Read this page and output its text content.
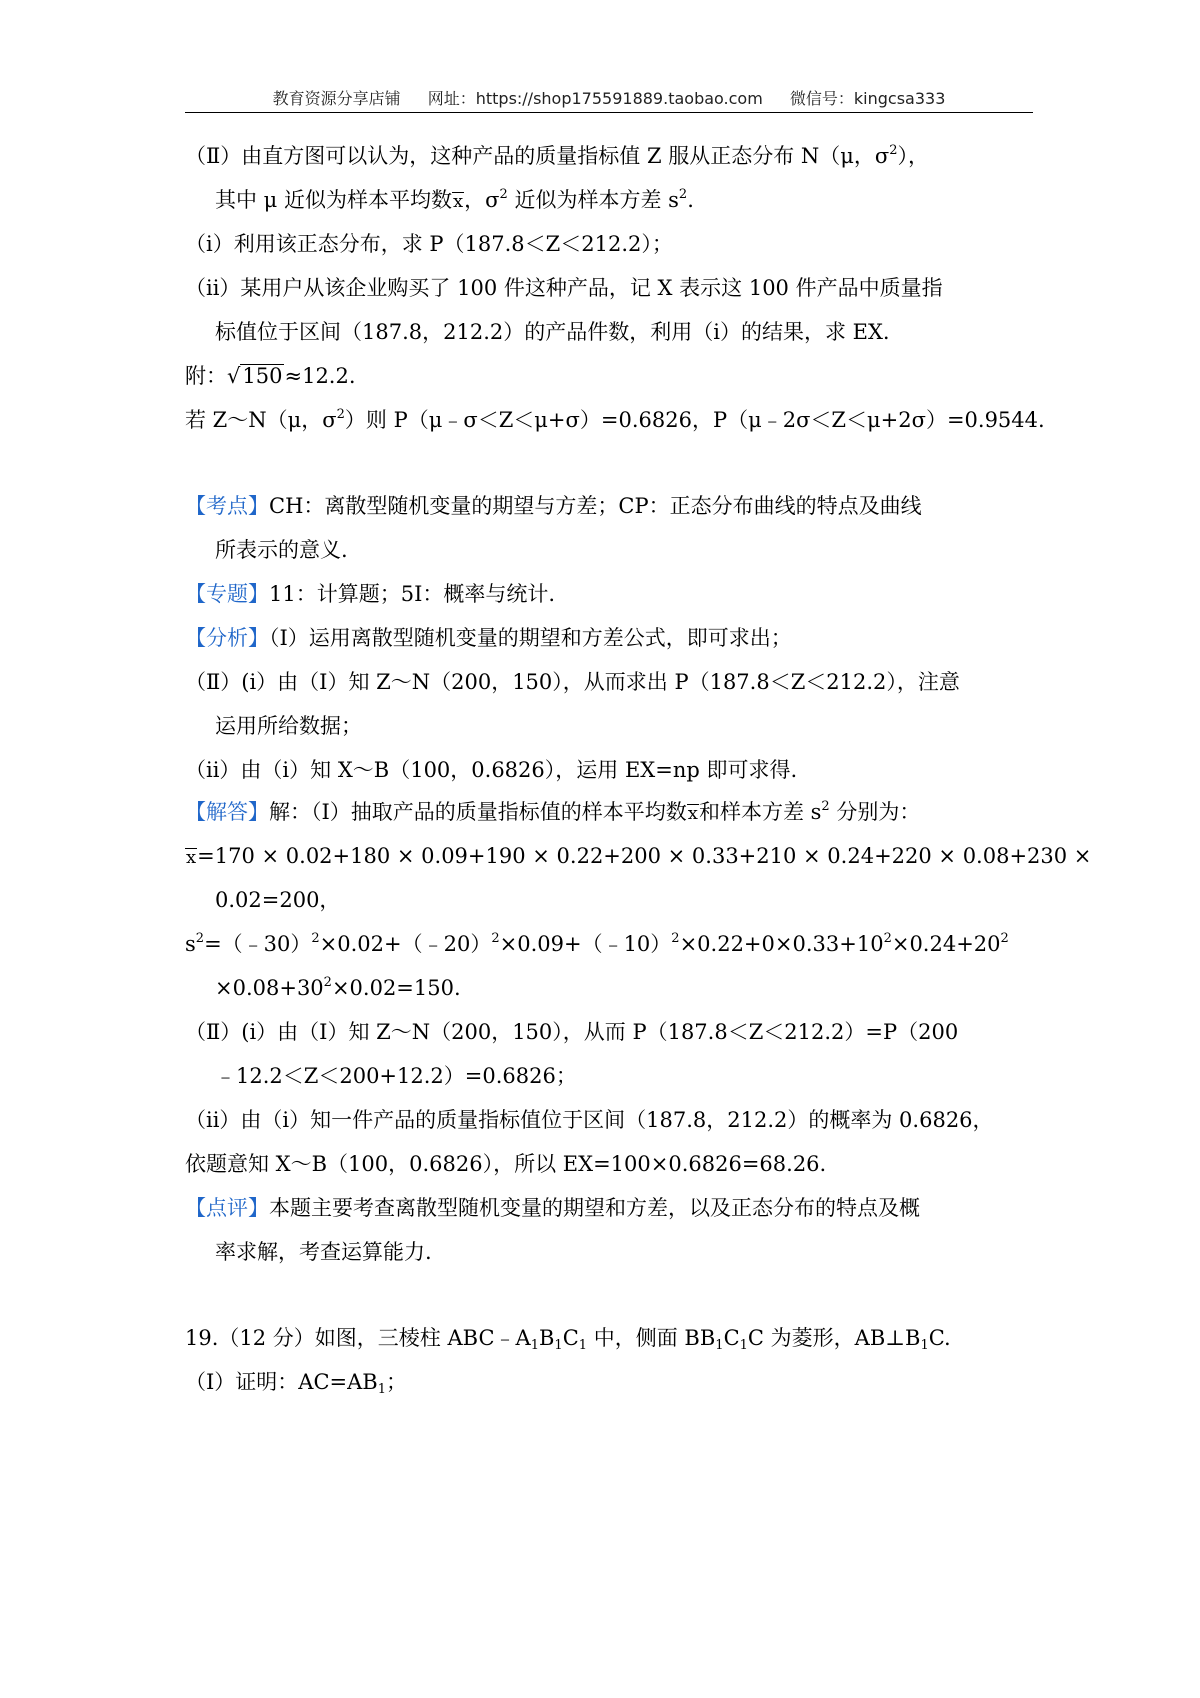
教育资源分享店铺 网址：https://shop175591889.taobao.com 微信号：kingcsa333
（Ⅱ）由直方图可以认为，这种产品的质量指标值 Z 服从正态分布 N（μ，$\sigma^2$），
其中 μ 近似为样本平均数x，$\sigma^2$ 近似为样本方差 $s^2$.
（i）利用该正态分布，求 P（187.8＜Z＜212.2）；
（ii）某用户从该企业购买了 100 件这种产品，记 X 表示这 100 件产品中质量指
标值位于区间（187.8，212.2）的产品件数，利用（i）的结果，求 EX.
附：√150≈12.2.
若 Z～N（μ，$\sigma^2$）则 P（μ﹣σ＜Z＜μ+σ）=0.6826，P（μ﹣2σ＜Z＜μ+2σ）=0.9544.
【考点】CH：离散型随机变量的期望与方差；CP：正态分布曲线的特点及曲线
所表示的意义.
【专题】11：计算题；5I：概率与统计.
【分析】（Ⅰ）运用离散型随机变量的期望和方差公式，即可求出；
（Ⅱ）(i）由（Ⅰ）知 Z～N（200，150），从而求出 P（187.8＜Z＜212.2），注意
运用所给数据；
（ii）由（i）知 X～B（100，0.6826），运用 EX=np 即可求得.
【解答】解：（Ⅰ）抽取产品的质量指标值的样本平均数x和样本方差 $s^2$ 分别为：
x=170 × 0.02+180 × 0.09+190 × 0.22+200 × 0.33+210 × 0.24+220 × 0.08+230 ×
0.02=200，
$s^2=(﹣30)^2\times 0.02+(﹣20)^2\times 0.09+(﹣10)^2\times 0.22+0\times 0.33+10^2\times 0.24+20^2$
$\times 0.08+30^2\times 0.02=150$.
（Ⅱ）(i）由（Ⅰ）知 Z～N（200，150），从而 P（187.8＜Z＜212.2）=P（200
﹣12.2＜Z＜200+12.2）=0.6826；
（ii）由（i）知一件产品的质量指标值位于区间（187.8，212.2）的概率为 0.6826，
依题意知 X～B（100，0.6826），所以 EX=100×0.6826=68.26.
【点评】本题主要考查离散型随机变量的期望和方差，以及正态分布的特点及概
率求解，考查运算能力.
19.（12 分）如图，三棱柱 $ABC﹣A_1B_1C_1$ 中，侧面 $BB_1C_1C$ 为菱形，$AB\perp B_1C$.
（Ⅰ）证明：$AC=AB_1$；
